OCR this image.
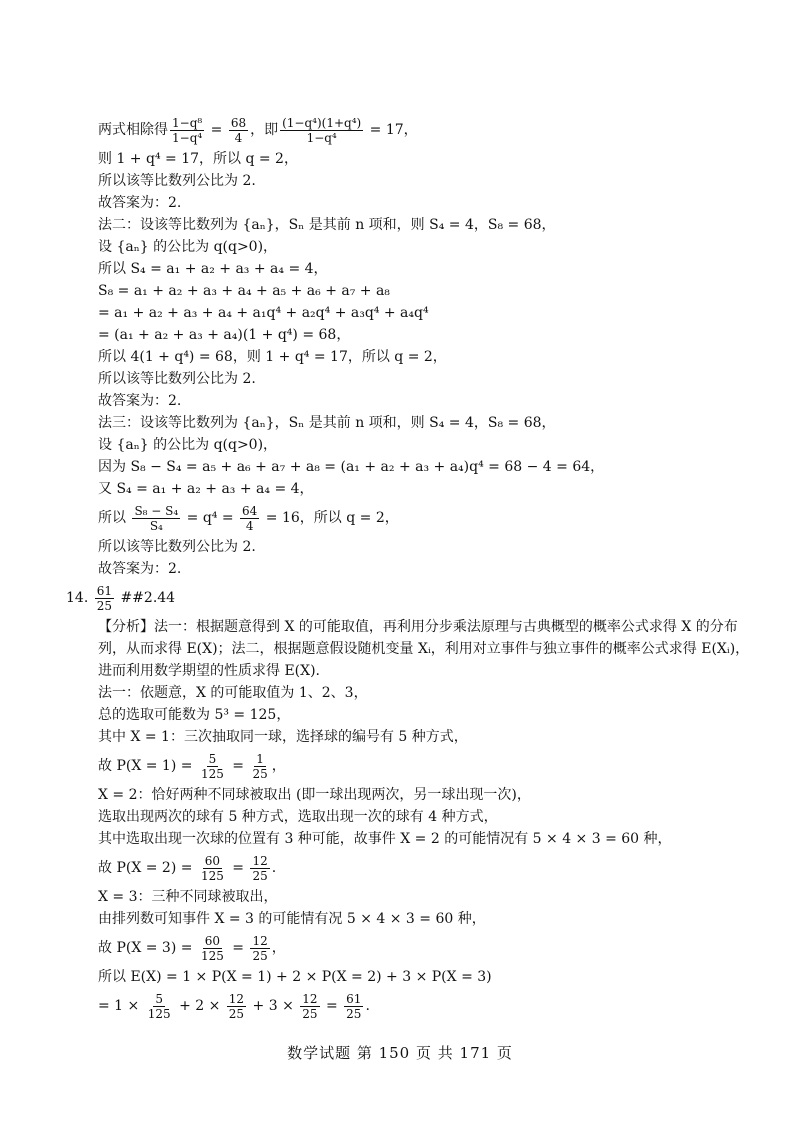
两式相除得 $\frac{\text{1−q⁸}}{\text{1−q⁴}} = \frac{68}{4}$ ，即 $\frac{\text{(1−q⁴)(1+q⁴)}}{\text{1−q⁴}} = 17$，
则 1 + q⁴ = 17，所以 q = 2，
所以该等比数列公比为 2.
故答案为：2.
法二：设该等比数列为 {aₙ}，Sₙ 是其前 n 项和，则 S₄ = 4，S₈ = 68，
设 {aₙ} 的公比为 q(q>0)，
所以 S₄ = a₁ + a₂ + a₃ + a₄ = 4，
S₈ = a₁ + a₂ + a₃ + a₄ + a₅ + a₆ + a₇ + a₈
= a₁ + a₂ + a₃ + a₄ + a₁q⁴ + a₂q⁴ + a₃q⁴ + a₄q⁴
= (a₁ + a₂ + a₃ + a₄)(1 + q⁴) = 68，
所以 4(1 + q⁴) = 68，则 1 + q⁴ = 17，所以 q = 2，
所以该等比数列公比为 2.
故答案为：2.
法三：设该等比数列为 {aₙ}，Sₙ 是其前 n 项和，则 S₄ = 4，S₈ = 68，
设 {aₙ} 的公比为 q(q>0)，
因为 S₈ − S₄ = a₅ + a₆ + a₇ + a₈ = (a₁ + a₂ + a₃ + a₄)q⁴ = 68 − 4 = 64，
又 S₄ = a₁ + a₂ + a₃ + a₄ = 4，
所以 $\frac{\text{S₈ − S₄}}{\text{S₄}} = q^4 = \frac{64}{4} = 16$，所以 q = 2，
所以该等比数列公比为 2.
故答案为：2.
14. $\frac{61}{25}$ ##2.44
【分析】法一：根据题意得到 X 的可能取值，再利用分步乘法原理与古典概型的概率公式求得 X 的分布
列，从而求得 E(X)；法二，根据题意假设随机变量 Xᵢ，利用对立事件与独立事件的概率公式求得 E(Xᵢ)，
进而利用数学期望的性质求得 E(X).
法一：依题意，X 的可能取值为 1、2、3，
总的选取可能数为 5³ = 125，
其中 X = 1：三次抽取同一球，选择球的编号有 5 种方式，
故 $P(X = 1) = \frac{5}{125} = \frac{1}{25}$ ，
X = 2：恰好两种不同球被取出 (即一球出现两次，另一球出现一次)，
选取出现两次的球有 5 种方式，选取出现一次的球有 4 种方式，
其中选取出现一次球的位置有 3 种可能，故事件 X = 2 的可能情况有 5 × 4 × 3 = 60 种，
故 $P(X = 2) = \frac{60}{125} = \frac{12}{25}$ .
X = 3：三种不同球被取出，
由排列数可知事件 X = 3 的可能情有况 5 × 4 × 3 = 60 种，
故 $P(X = 3) = \frac{60}{125} = \frac{12}{25}$ ，
所以 E(X) = 1 × P(X = 1) + 2 × P(X = 2) + 3 × P(X = 3)
= $1 \times \frac{5}{125} + 2 \times \frac{12}{25} + 3 \times \frac{12}{25} = \frac{61}{25}$ .
数学试题 第 150 页 共 171 页
